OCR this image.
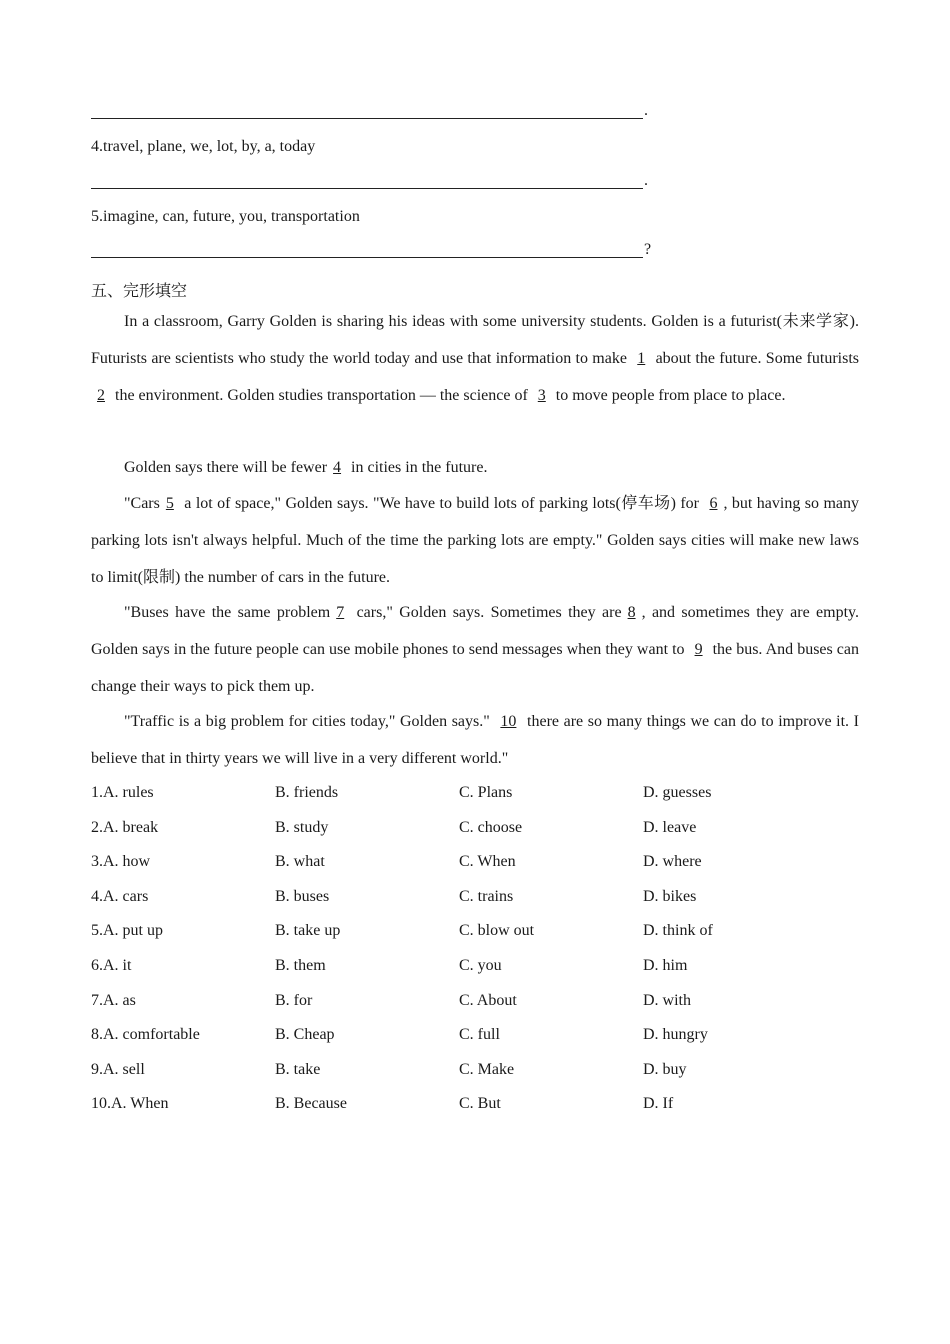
.
4.travel, plane, we, lot, by, a, today
.
5.imagine, can, future, you, transportation
?
五、完形填空
In a classroom, Garry Golden is sharing his ideas with some university students. Golden is a futurist(未来学家). Futurists are scientists who study the world today and use that information to make 1 about the future. Some futurists2 the environment. Golden studies transportation — the science of 3 to move people from place to place.
Golden says there will be fewer 4 in cities in the future.
"Cars 5 a lot of space," Golden says. "We have to build lots of parking lots(停车场) for 6 , but having so many parking lots isn't always helpful. Much of the time the parking lots are empty." Golden says cities will make new laws to limit(限制) the number of cars in the future.
"Buses have the same problem 7 cars," Golden says. Sometimes they are 8 , and sometimes they are empty. Golden says in the future people can use mobile phones to send messages when they want to 9 the bus. And buses can change their ways to pick them up.
"Traffic is a big problem for cities today," Golden says." 10 there are so many things we can do to improve it. I believe that in thirty years we will live in a very different world."
1.A. rules	B. friends	C. Plans	D. guesses
2.A. break	B. study	C. choose	D. leave
3.A. how	B. what	C. When	D. where
4.A. cars	B. buses	C. trains	D. bikes
5.A. put up	B. take up	C. blow out	D. think of
6.A. it	B. them	C. you	D. him
7.A. as	B. for	C. About	D. with
8.A. comfortable	B. Cheap	C. full	D. hungry
9.A. sell	B. take	C. Make	D. buy
10.A. When	B. Because	C. But	D. If
